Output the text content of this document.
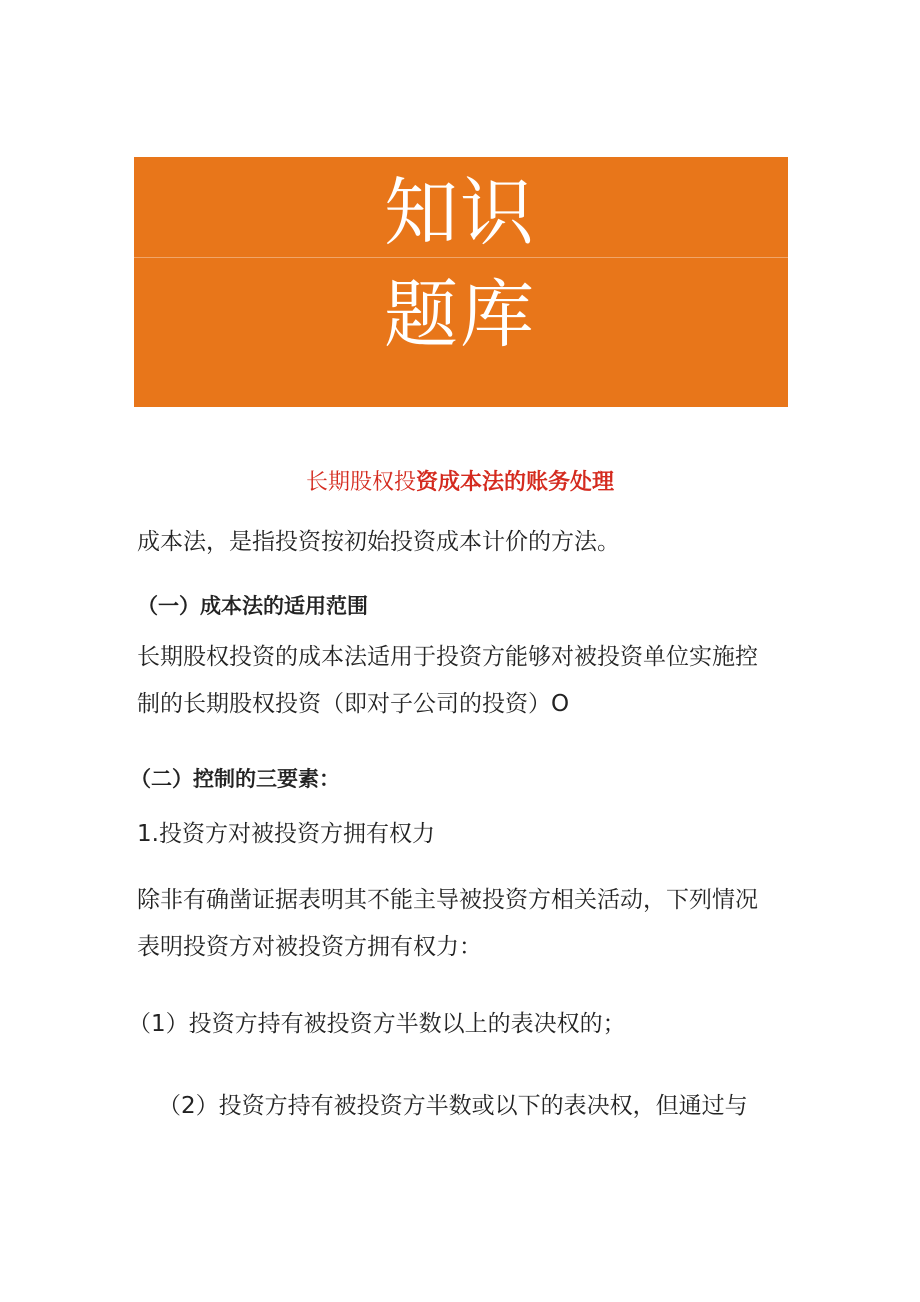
知识
题库
长期股权投资成本法的账务处理
成本法，是指投资按初始投资成本计价的方法。
（一）成本法的适用范围
长期股权投资的成本法适用于投资方能够对被投资单位实施控
制的长期股权投资（即对子公司的投资）O
（二）控制的三要素：
1.投资方对被投资方拥有权力
除非有确凿证据表明其不能主导被投资方相关活动，下列情况
表明投资方对被投资方拥有权力：
（1）投资方持有被投资方半数以上的表决权的；
（2）投资方持有被投资方半数或以下的表决权，但通过与
